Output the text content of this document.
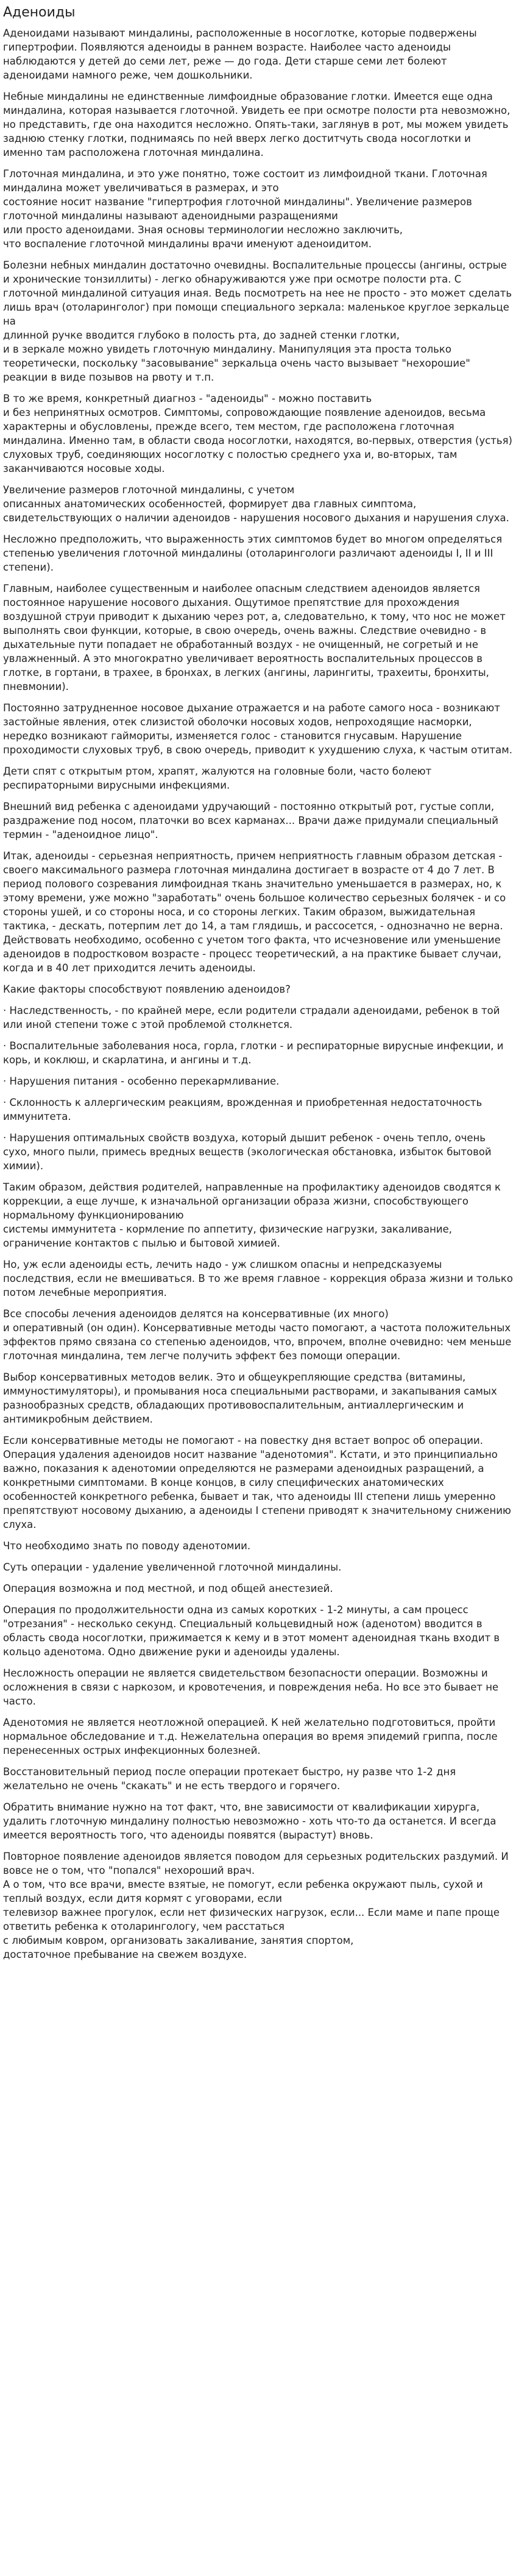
Аденоиды

Аденоидами называют миндалины, расположенные в носоглотке, которые подвержены гипертрофии. Появляются аденоиды в раннем возрасте. Наиболее часто аденоиды наблюдаются у детей до семи лет, реже — до года. Дети старше семи лет болеют аденоидами намного реже, чем дошкольники.

Небные миндалины не единственные лимфоидные образование глотки. Имеется еще одна миндалина, которая называется глоточной. Увидеть ее при осмотре полости рта невозможно, но представить, где она находится несложно. Опять-таки, заглянув в рот, мы можем увидеть заднюю стенку глотки, поднимаясь по ней вверх легко доститчуть свода носоглотки и именно там расположена глоточная миндалина.

Глоточная миндалина, и это уже понятно, тоже состоит из лимфоидной ткани. Глоточная миндалина может увеличиваться в размерах, и это
состояние носит название "гипертрофия глоточной миндалины". Увеличение размеров глоточной миндалины называют аденоидными разращениями
или просто аденоидами. Зная основы терминологии несложно заключить,
что воспаление глоточной миндалины врачи именуют аденоидитом.

Болезни небных миндалин достаточно очевидны. Воспалительные процессы (ангины, острые и хронические тонзиллиты) - легко обнаруживаются уже при осмотре полости рта. С глоточной миндалиной ситуация иная. Ведь посмотреть на нее не просто - это может сделать лишь врач (отоларинголог) при помощи специального зеркала: маленькое круглое зеркальце на
длинной ручке вводится глубоко в полость рта, до задней стенки глотки,
и в зеркале можно увидеть глоточную миндалину. Манипуляция эта проста только теоретически, поскольку "засовывание" зеркальца очень часто вызывает "нехорошие" реакции в виде позывов на рвоту и т.п.

В то же время, конкретный диагноз - "аденоиды" - можно поставить
и без непринятных осмотров. Симптомы, сопровождающие появление аденоидов, весьма характерны и обусловлены, прежде всего, тем местом, где расположена глоточная миндалина. Именно там, в области свода носоглотки, находятся, во-первых, отверстия (устья) слуховых труб, соединяющих носоглотку с полостью среднего уха и, во-вторых, там заканчиваются носовые ходы.

Увеличение размеров глоточной миндалины, с учетом
описанных анатомических особенностей, формирует два главных симптома, свидетельствующих о наличии аденоидов - нарушения носового дыхания и нарушения слуха.

Несложно предположить, что выраженность этих симптомов будет во многом определяться степенью увеличения глоточной миндалины (отоларингологи различают аденоиды I, II и III степени).

Главным, наиболее существенным и наиболее опасным следствием аденоидов является постоянное нарушение носового дыхания. Ощутимое препятствие для прохождения воздушной струи приводит к дыханию через рот, а, следовательно, к тому, что нос не может выполнять свои функции, которые, в свою очередь, очень важны. Следствие очевидно - в дыхательные пути попадает не обработанный воздух - не очищенный, не согретый и не увлажненный. А это многократно увеличивает вероятность воспалительных процессов в глотке, в гортани, в трахее, в бронхах, в легких (ангины, ларингиты, трахеиты, бронхиты, пневмонии).

Постоянно затрудненное носовое дыхание отражается и на работе самого носа - возникают застойные явления, отек слизистой оболочки носовых ходов, непроходящие насморки, нередко возникают гаймориты, изменяется голос - становится гнусавым. Нарушение проходимости слуховых труб, в свою очередь, приводит к ухудшению слуха, к частым отитам.

Дети спят с открытым ртом, храпят, жалуются на головные боли, часто болеют респираторными вирусными инфекциями.

Внешний вид ребенка с аденоидами удручающий - постоянно открытый рот, густые сопли, раздражение под носом, платочки во всех карманах... Врачи даже придумали специальный термин - "аденоидное лицо".

Итак, аденоиды - серьезная неприятность, причем неприятность главным образом детская - своего максимального размера глоточная миндалина достигает в возрасте от 4 до 7 лет. В период полового созревания лимфоидная ткань значительно уменьшается в размерах, но, к этому времени, уже можно "заработать" очень большое количество серьезных болячек - и со стороны ушей, и со стороны носа, и со стороны легких. Таким образом, выжидательная тактика, - дескать, потерпим лет до 14, а там глядишь, и рассосется, - однозначно не верна. Действовать необходимо, особенно с учетом того факта, что исчезновение или уменьшение аденоидов в подростковом возрасте - процесс теоретический, а на практике бывает случаи, когда и в 40 лет приходится лечить аденоиды.

Какие факторы способствуют появлению аденоидов?

· Наследственность, - по крайней мере, если родители страдали аденоидами, ребенок в той или иной степени тоже с этой проблемой столкнется.

· Воспалительные заболевания носа, горла, глотки - и респираторные вирусные инфекции, и корь, и коклюш, и скарлатина, и ангины и т.д.

· Нарушения питания - особенно перекармливание.

· Склонность к аллергическим реакциям, врожденная и приобретенная недостаточность иммунитета.

· Нарушения оптимальных свойств воздуха, который дышит ребенок - очень тепло, очень сухо, много пыли, примесь вредных веществ (экологическая обстановка, избыток бытовой химии).

Таким образом, действия родителей, направленные на профилактику аденоидов сводятся к коррекции, а еще лучше, к изначальной организации образа жизни, способствующего нормальному функционированию
системы иммунитета - кормление по аппетиту, физические нагрузки, закаливание, ограничение контактов с пылью и бытовой химией.

Но, уж если аденоиды есть, лечить надо - уж слишком опасны и непредсказуемы последствия, если не вмешиваться. В то же время главное - коррекция образа жизни и только потом лечебные мероприятия.

Все способы лечения аденоидов делятся на консервативные (их много)
и оперативный (он один). Консервативные методы часто помогают, а частота положительных эффектов прямо связана со степенью аденоидов, что, впрочем, вполне очевидно: чем меньше глоточная миндалина, тем легче получить эффект без помощи операции.

Выбор консервативных методов велик. Это и общеукрепляющие средства (витамины, иммуностимуляторы), и промывания носа специальными растворами, и закапывания самых разнообразных средств, обладающих противовоспалительным, антиаллергическим и антимикробным действием.

Если консервативные методы не помогают - на повестку дня встает вопрос об операции. Операция удаления аденоидов носит название "аденотомия". Кстати, и это принципиально важно, показания к аденотомии определяются не размерами аденоидных разращений, а конкретными симптомами. В конце концов, в силу специфических анатомических особенностей конкретного ребенка, бывает и так, что аденоиды III степени лишь умеренно препятствуют носовому дыханию, а аденоиды I степени приводят к значительному снижению слуха.

Что необходимо знать по поводу аденотомии.

Суть операции - удаление увеличенной глоточной миндалины.

Операция возможна и под местной, и под общей анестезией.

Операция по продолжительности одна из самых коротких - 1-2 минуты, а сам процесс "отрезания" - несколько секунд. Специальный кольцевидный нож (аденотом) вводится в область свода носоглотки, прижимается к кему и в этот момент аденоидная ткань входит в кольцо аденотома. Одно движение руки и аденоиды удалены.

Несложность операции не является свидетельством безопасности операции. Возможны и осложнения в связи с наркозом, и кровотечения, и повреждения неба. Но все это бывает не часто.

Аденотомия не является неотложной операцией. К ней желательно подготовиться, пройти нормальное обследование и т.д. Нежелательна операция во время эпидемий гриппа, после перенесенных острых инфекционных болезней.

Восстановительный период после операции протекает быстро, ну разве что 1-2 дня желательно не очень "скакать" и не есть твердого и горячего.

Обратить внимание нужно на тот факт, что, вне зависимости от квалификации хирурга, удалить глоточную миндалину полностью невозможно - хоть что-то да останется. И всегда имеется вероятность того, что аденоиды появятся (вырастут) вновь.

Повторное появление аденоидов является поводом для серьезных родительских раздумий. И вовсе не о том, что "попался" нехороший врач.
А о том, что все врачи, вместе взятые, не помогут, если ребенка окружают пыль, сухой и теплый воздух, если дитя кормят с уговорами, если
телевизор важнее прогулок, если нет физических нагрузок, если... Если маме и папе проще ответить ребенка к отоларингологу, чем расстаться
с любимым ковром, организовать закаливание, занятия спортом,
достаточное пребывание на свежем воздухе.
